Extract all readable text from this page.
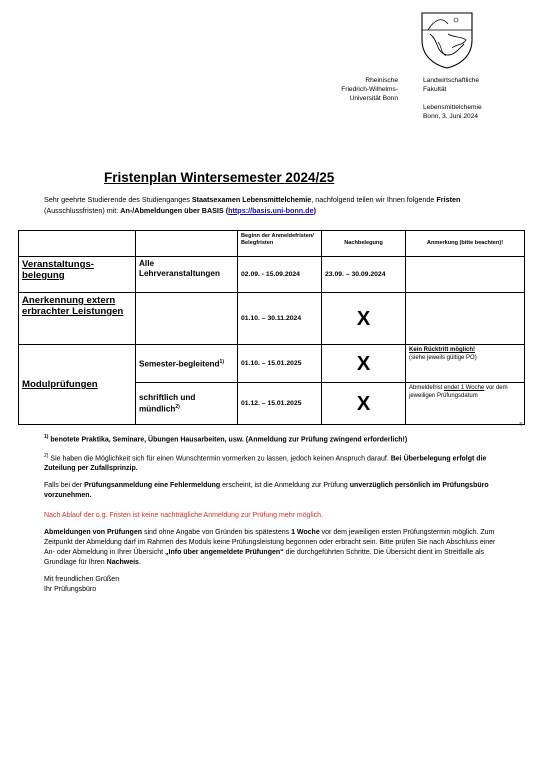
Rheinische
Friedrich-Wilhelms-
Universität Bonn
Landwirtschaftliche
Fakultät
Lebensmittelchemie
Bonn, 3. Juni 2024
Fristenplan Wintersemester 2024/25
Sehr geehrte Studierende des Studienganges Staatsexamen Lebensmittelchemie, nachfolgend teilen wir Ihnen folgende Fristen (Ausschlussfristen) mit: An-/Abmeldungen über BASIS (https://basis.uni-bonn.de)
		Beginn der Anmeldefristen/ Belegfristen	Nachbelegung	Anmerkung (bitte beachten)!
Veranstaltungs-belegung	Alle Lehrveranstaltungen	02.09. - 15.09.2024	23.09. – 30.09.2024	
Anerkennung extern erbrachter Leistungen		01.10. – 30.11.2024	X	
Modulprüfungen	Semester-begleitend$^{1)}$	01.10. – 15.01.2025	X	Kein Rücktritt möglich!
(siehe jeweils gültige PO)

	schriftlich und mündlich$^{2)}$	01.12. – 15.01.2025	X	Abmeldefrist endet 1 Woche vor dem jeweiligen Prüfungsdatum
®
$^{1)}$ benotete Praktika, Seminare, Übungen Hausarbeiten, usw. (Anmeldung zur Prüfung zwingend erforderlich!)
$^{2)}$ Sie haben die Möglichkeit sich für einen Wunschtermin vormerken zu lassen, jedoch keinen Anspruch darauf. Bei Überbelegung erfolgt die Zuteilung per Zufallsprinzip.
Falls bei der Prüfungsanmeldung eine Fehlermeldung erscheint, ist die Anmeldung zur Prüfung unverzüglich persönlich im Prüfungsbüro vorzunehmen.
Nach Ablauf der o.g. Fristen ist keine nachträgliche Anmeldung zur Prüfung mehr möglich.
Abmeldungen von Prüfungen sind ohne Angabe von Gründen bis spätestens 1 Woche vor dem jeweiligen ersten Prüfungstermin möglich. Zum Zeitpunkt der Abmeldung darf im Rahmen des Moduls keine Prüfungsleistung begonnen oder erbracht sein. Bitte prüfen Sie nach Abschluss einer An- oder Abmeldung in Ihrer Übersicht „Info über angemeldete Prüfungen“ die durchgeführten Schritte. Die Übersicht dient im Streitfalle als Grundlage für Ihren Nachweis.
Mit freundlichen Grüßen
Ihr Prüfungsbüro
